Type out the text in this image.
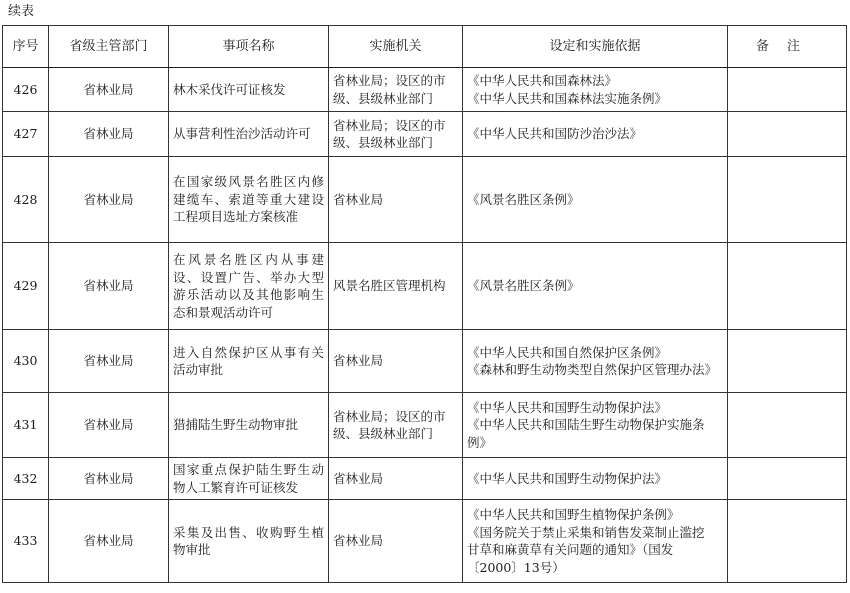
续表
序号	省级主管部门	事项名称	实施机关	设定和实施依据	备注
426	省林业局	林木采伐许可证核发	省林业局；设区的市
级、县级林业部门	《中华人民共和国森林法》
《中华人民共和国森林法实施条例》	

427	省林业局	从事营利性治沙活动许可	省林业局；设区的市
级、县级林业部门	《中华人民共和国防沙治沙法》	

428	省林业局	在国家级风景名胜区内修
建缆车、索道等重大建设
工程项目选址方案核准	省林业局	《风景名胜区条例》	

429	省林业局	在风景名胜区内从事建
设、设置广告、举办大型
游乐活动以及其他影响生
态和景观活动许可	风景名胜区管理机构	《风景名胜区条例》	

430	省林业局	进入自然保护区从事有关
活动审批	省林业局	《中华人民共和国自然保护区条例》
《森林和野生动物类型自然保护区管理办法》	

431	省林业局	猎捕陆生野生动物审批	省林业局；设区的市
级、县级林业部门	《中华人民共和国野生动物保护法》
《中华人民共和国陆生野生动物保护实施条
例》	

432	省林业局	国家重点保护陆生野生动
物人工繁育许可证核发	省林业局	《中华人民共和国野生动物保护法》	

433	省林业局	采集及出售、收购野生植
物审批	省林业局	《中华人民共和国野生植物保护条例》
《国务院关于禁止采集和销售发菜制止滥挖
甘草和麻黄草有关问题的通知》（国发
〔2000〕13号）	
